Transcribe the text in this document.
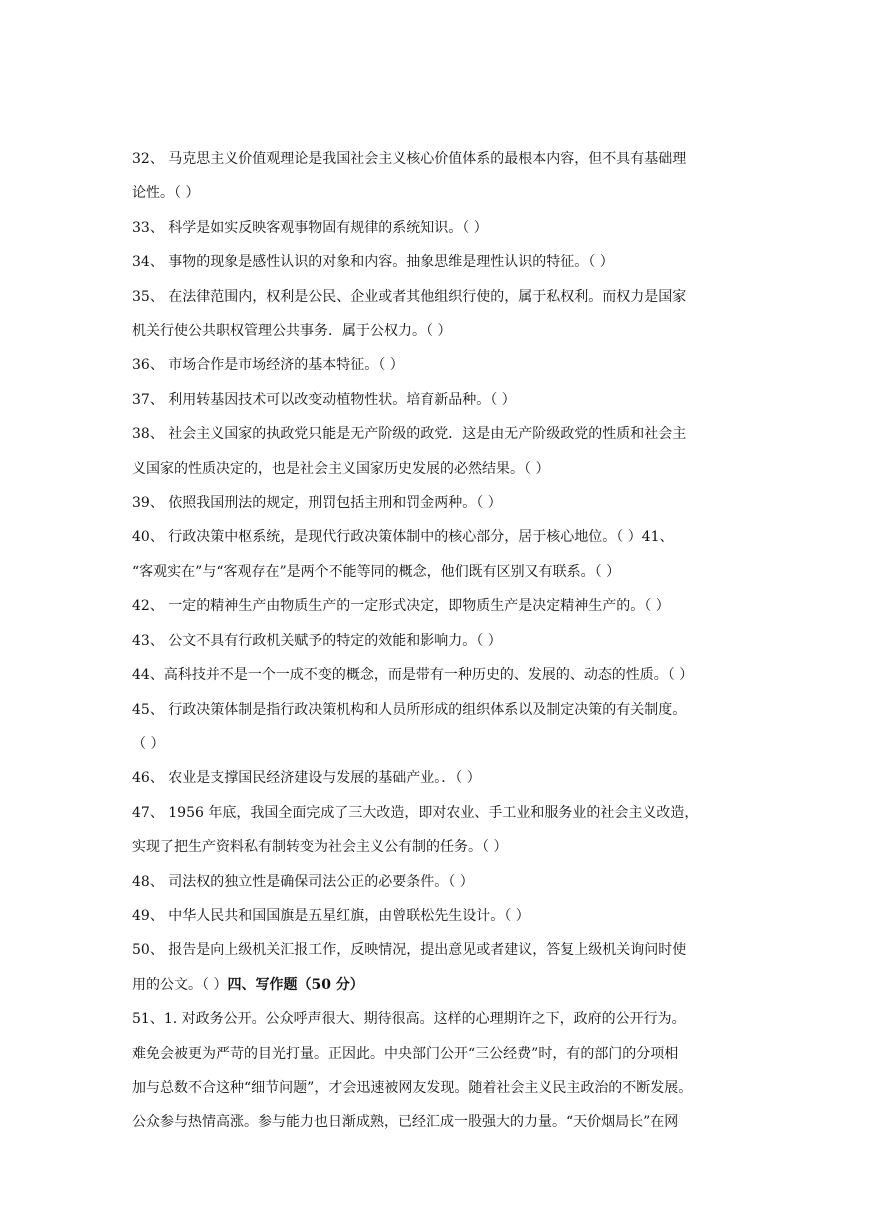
32、 马克思主义价值观理论是我国社会主义核心价值体系的最根本内容，但不具有基础理
论性。（ ）
33、 科学是如实反映客观事物固有规律的系统知识。（ ）
34、 事物的现象是感性认识的对象和内容。抽象思维是理性认识的特征。（ ）
35、 在法律范围内，权利是公民、企业或者其他组织行使的，属于私权利。而权力是国家
机关行使公共职权管理公共事务．属于公权力。（ ）
36、 市场合作是市场经济的基本特征。（ ）
37、 利用转基因技术可以改变动植物性状。培育新品种。（ ）
38、 社会主义国家的执政党只能是无产阶级的政党．这是由无产阶级政党的性质和社会主
义国家的性质决定的，也是社会主义国家历史发展的必然结果。（ ）
39、 依照我国刑法的规定，刑罚包括主刑和罚金两种。（ ）
40、 行政决策中枢系统，是现代行政决策体制中的核心部分，居于核心地位。（ ）41、
“客观实在”与“客观存在”是两个不能等同的概念，他们既有区别又有联系。（ ）
42、 一定的精神生产由物质生产的一定形式决定，即物质生产是决定精神生产的。（ ）
43、 公文不具有行政机关赋予的特定的效能和影响力。（ ）
44、高科技并不是一个一成不变的概念，而是带有一种历史的、发展的、动态的性质。（ ）
45、 行政决策体制是指行政决策机构和人员所形成的组织体系以及制定决策的有关制度。
（ ）
46、 农业是支撑国民经济建设与发展的基础产业。．（ ）
47、 1956 年底，我国全面完成了三大改造，即对农业、手工业和服务业的社会主义改造，
实现了把生产资料私有制转变为社会主义公有制的任务。（ ）
48、 司法权的独立性是确保司法公正的必要条件。（ ）
49、 中华人民共和国国旗是五星红旗，由曾联松先生设计。（ ）
50、 报告是向上级机关汇报工作，反映情况，提出意见或者建议，答复上级机关询问时使
用的公文。（ ）四、写作题（50 分）
51、1. 对政务公开。公众呼声很大、期待很高。这样的心理期许之下，政府的公开行为。
难免会被更为严苛的目光打量。正因此。中央部门公开“三公经费”时，有的部门的分项相
加与总数不合这种“细节问题”，才会迅速被网友发现。随着社会主义民主政治的不断发展。
公众参与热情高涨。参与能力也日渐成熟，已经汇成一股强大的力量。“天价烟局长”在网
